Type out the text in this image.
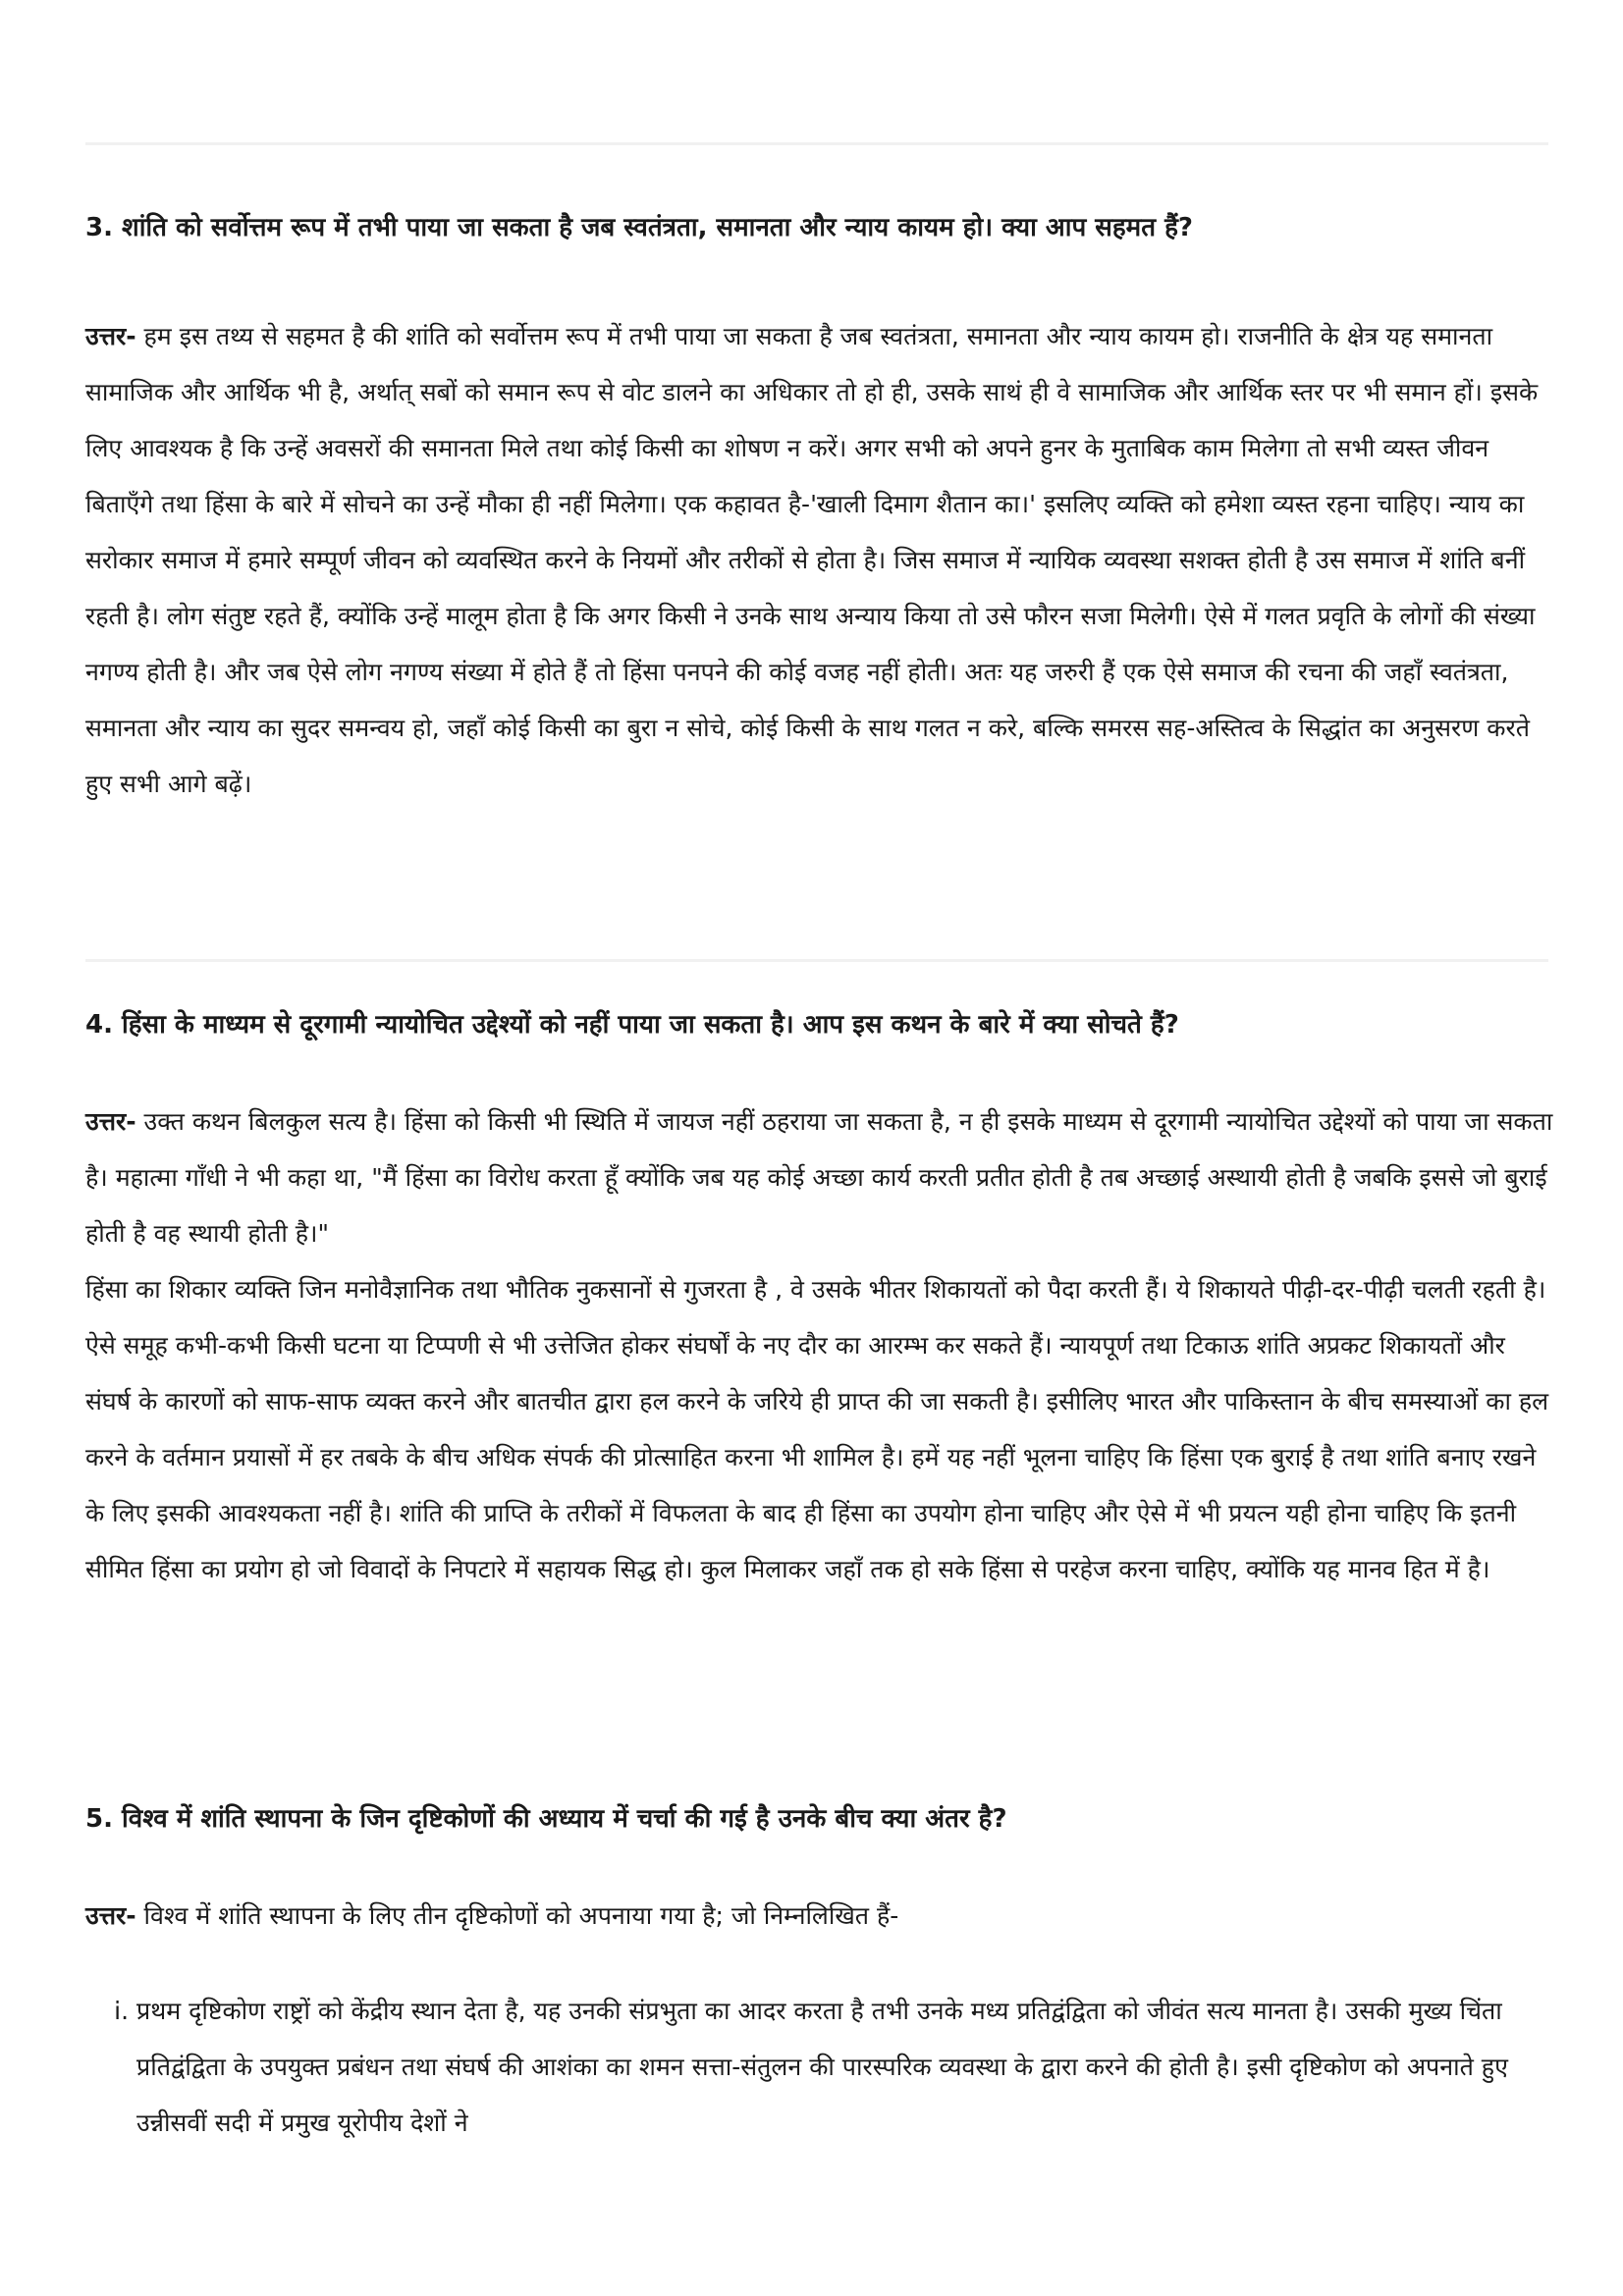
3. शांति को सर्वोत्तम रूप में तभी पाया जा सकता है जब स्वतंत्रता, समानता और न्याय कायम हो। क्या आप सहमत हैं?

उत्तर- हम इस तथ्य से सहमत है की शांति को सर्वोत्तम रूप में तभी पाया जा सकता है जब स्वतंत्रता, समानता और न्याय कायम हो। राजनीति के क्षेत्र यह समानता सामाजिक और आर्थिक भी है, अर्थात् सबों को समान रूप से वोट डालने का अधिकार तो हो ही, उसके साथं ही वे सामाजिक और आर्थिक स्तर पर भी समान हों। इसके लिए आवश्यक है कि उन्हें अवसरों की समानता मिले तथा कोई किसी का शोषण न करें। अगर सभी को अपने हुनर के मुताबिक काम मिलेगा तो सभी व्यस्त जीवन बिताएँगे तथा हिंसा के बारे में सोचने का उन्हें मौका ही नहीं मिलेगा। एक कहावत है-'खाली दिमाग शैतान का।' इसलिए व्यक्ति को हमेशा व्यस्त रहना चाहिए। न्याय का सरोकार समाज में हमारे सम्पूर्ण जीवन को व्यवस्थित करने के नियमों और तरीकों से होता है। जिस समाज में न्यायिक व्यवस्था सशक्त होती है उस समाज में शांति बनीं रहती है। लोग संतुष्ट रहते हैं, क्योंकि उन्हें मालूम होता है कि अगर किसी ने उनके साथ अन्याय किया तो उसे फौरन सजा मिलेगी। ऐसे में गलत प्रवृति के लोगों की संख्या नगण्य होती है। और जब ऐसे लोग नगण्य संख्या में होते हैं तो हिंसा पनपने की कोई वजह नहीं होती। अतः यह जरुरी हैं एक ऐसे समाज की रचना की जहाँ स्वतंत्रता, समानता और न्याय का सुदर समन्वय हो, जहाँ कोई किसी का बुरा न सोचे, कोई किसी के साथ गलत न करे, बल्कि समरस सह-अस्तित्व के सिद्धांत का अनुसरण करते हुए सभी आगे बढ़ें।

4. हिंसा के माध्यम से दूरगामी न्यायोचित उद्देश्यों को नहीं पाया जा सकता है। आप इस कथन के बारे में क्या सोचते हैं?

उत्तर- उक्त कथन बिलकुल सत्य है। हिंसा को किसी भी स्थिति में जायज नहीं ठहराया जा सकता है, न ही इसके माध्यम से दूरगामी न्यायोचित उद्देश्यों को पाया जा सकता है। महात्मा गाँधी ने भी कहा था, "मैं हिंसा का विरोध करता हूँ क्योंकि जब यह कोई अच्छा कार्य करती प्रतीत होती है तब अच्छाई अस्थायी होती है जबकि इससे जो बुराई होती है वह स्थायी होती है।"

हिंसा का शिकार व्यक्ति जिन मनोवैज्ञानिक तथा भौतिक नुकसानों से गुजरता है , वे उसके भीतर शिकायतों को पैदा करती हैं। ये शिकायते पीढ़ी-दर-पीढ़ी चलती रहती है। ऐसे समूह कभी-कभी किसी घटना या टिप्पणी से भी उत्तेजित होकर संघर्षों के नए दौर का आरम्भ कर सकते हैं। न्यायपूर्ण तथा टिकाऊ शांति अप्रकट शिकायतों और संघर्ष के कारणों को साफ-साफ व्यक्त करने और बातचीत द्वारा हल करने के जरिये ही प्राप्त की जा सकती है। इसीलिए भारत और पाकिस्तान के बीच समस्याओं का हल करने के वर्तमान प्रयासों में हर तबके के बीच अधिक संपर्क की प्रोत्साहित करना भी शामिल है। हमें यह नहीं भूलना चाहिए कि हिंसा एक बुराई है तथा शांति बनाए रखने के लिए इसकी आवश्यकता नहीं है। शांति की प्राप्ति के तरीकों में विफलता के बाद ही हिंसा का उपयोग होना चाहिए और ऐसे में भी प्रयत्न यही होना चाहिए कि इतनी सीमित हिंसा का प्रयोग हो जो विवादों के निपटारे में सहायक सिद्ध हो। कुल मिलाकर जहाँ तक हो सके हिंसा से परहेज करना चाहिए, क्योंकि यह मानव हित में है।

5. विश्व में शांति स्थापना के जिन दृष्टिकोणों की अध्याय में चर्चा की गई है उनके बीच क्या अंतर है?

उत्तर- विश्व में शांति स्थापना के लिए तीन दृष्टिकोणों को अपनाया गया है; जो निम्नलिखित हैं-

i. प्रथम दृष्टिकोण राष्ट्रों को केंद्रीय स्थान देता है, यह उनकी संप्रभुता का आदर करता है तभी उनके मध्य प्रतिद्वंद्विता को जीवंत सत्य मानता है। उसकी मुख्य चिंता प्रतिद्वंद्विता के उपयुक्त प्रबंधन तथा संघर्ष की आशंका का शमन सत्ता-संतुलन की पारस्परिक व्यवस्था के द्वारा करने की होती है। इसी दृष्टिकोण को अपनाते हुए उन्नीसवीं सदी में प्रमुख यूरोपीय देशों ने
